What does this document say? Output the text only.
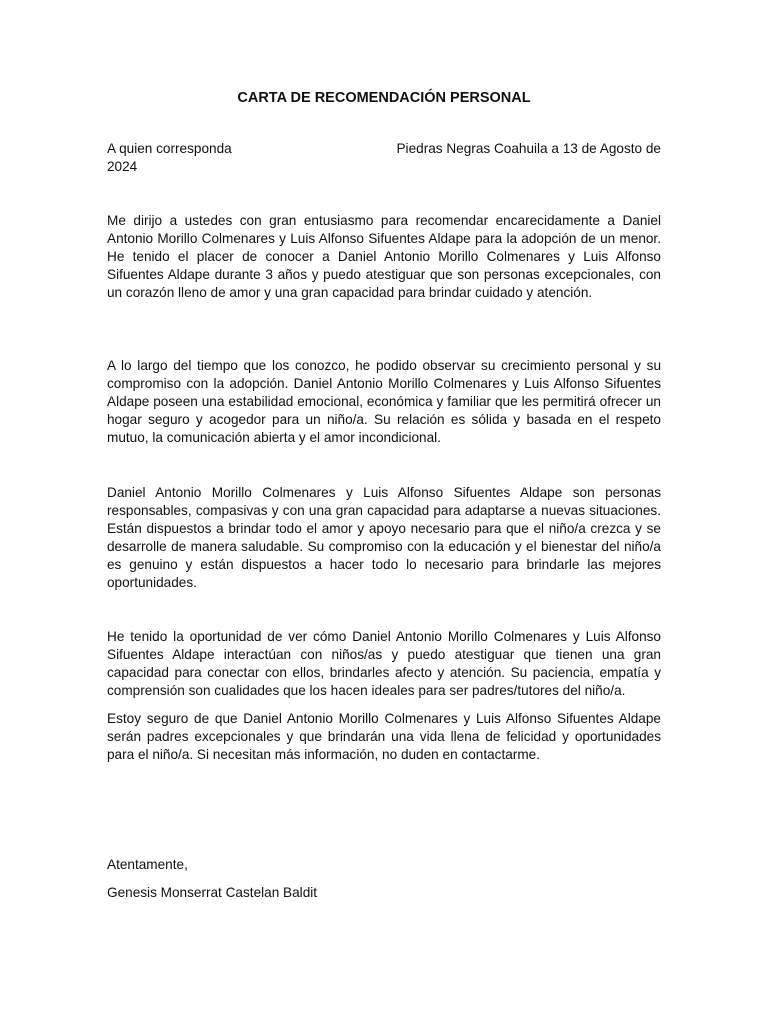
CARTA DE RECOMENDACIÓN PERSONAL
A quien corresponda	Piedras Negras Coahuila a 13 de Agosto de
2024

Me dirijo a ustedes con gran entusiasmo para recomendar encarecidamente a Daniel Antonio Morillo Colmenares y Luis Alfonso Sifuentes Aldape para la adopción de un menor. He tenido el placer de conocer a Daniel Antonio Morillo Colmenares y Luis Alfonso Sifuentes Aldape durante 3 años y puedo atestiguar que son personas excepcionales, con un corazón lleno de amor y una gran capacidad para brindar cuidado y atención.

A lo largo del tiempo que los conozco, he podido observar su crecimiento personal y su compromiso con la adopción. Daniel Antonio Morillo Colmenares y Luis Alfonso Sifuentes Aldape poseen una estabilidad emocional, económica y familiar que les permitirá ofrecer un hogar seguro y acogedor para un niño/a. Su relación es sólida y basada en el respeto mutuo, la comunicación abierta y el amor incondicional.

Daniel Antonio Morillo Colmenares y Luis Alfonso Sifuentes Aldape son personas responsables, compasivas y con una gran capacidad para adaptarse a nuevas situaciones. Están dispuestos a brindar todo el amor y apoyo necesario para que el niño/a crezca y se desarrolle de manera saludable. Su compromiso con la educación y el bienestar del niño/a es genuino y están dispuestos a hacer todo lo necesario para brindarle las mejores oportunidades.

He tenido la oportunidad de ver cómo Daniel Antonio Morillo Colmenares y Luis Alfonso Sifuentes Aldape interactúan con niños/as y puedo atestiguar que tienen una gran capacidad para conectar con ellos, brindarles afecto y atención. Su paciencia, empatía y comprensión son cualidades que los hacen ideales para ser padres/tutores del niño/a.

Estoy seguro de que Daniel Antonio Morillo Colmenares y Luis Alfonso Sifuentes Aldape serán padres excepcionales y que brindarán una vida llena de felicidad y oportunidades para el niño/a. Si necesitan más información, no duden en contactarme.

Atentamente,
Genesis Monserrat Castelan Baldit
